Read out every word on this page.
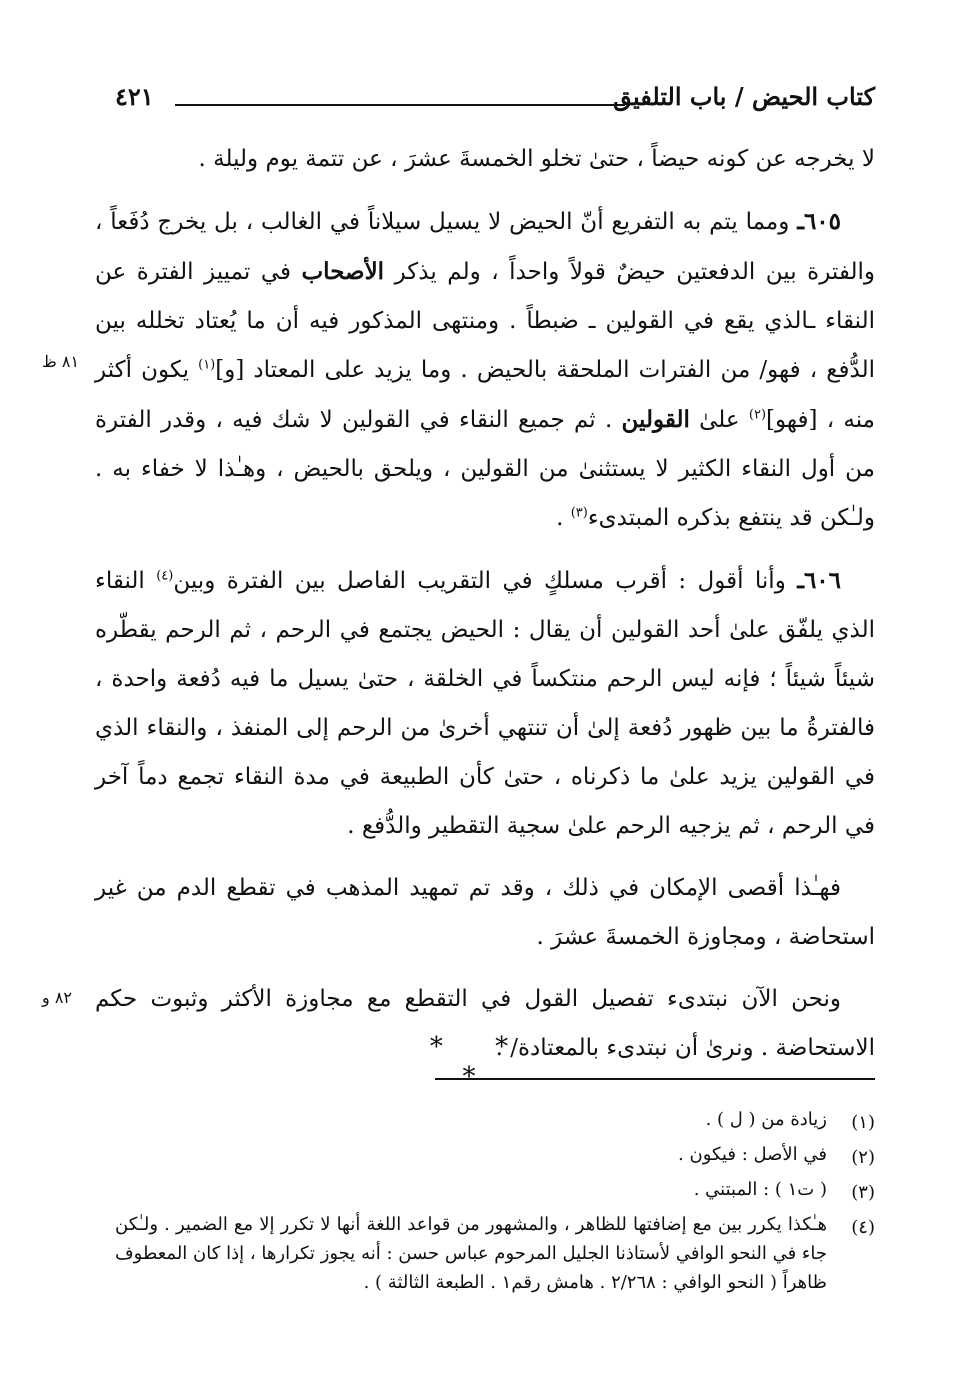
كتاب الحيض / باب التلفيق
٤٢١
٨١ ظ
٨٢ و

لا يخرجه عن كونه حيضاً ، حتىٰ تخلو الخمسةَ عشرَ ، عن تتمة يوم وليلة .

٦٠٥ـ ومما يتم به التفريع أنّ الحيض لا يسيل سيلاناً في الغالب ، بل يخرج دُفَعاً ، والفترة بين الدفعتين حيضٌ قولاً واحداً ، ولم يذكر الأصحاب في تمييز الفترة عن النقاء ـالذي يقع في القولين ـ ضبطاً . ومنتهى المذكور فيه أن ما يُعتاد تخلله بين الدُّفع ، فهو/ من الفترات الملحقة بالحيض . وما يزيد على المعتاد [و]$^{(١)}$ يكون أكثر منه ، [فهو]$^{(٢)}$ علىٰ القولين . ثم جميع النقاء في القولين لا شك فيه ، وقدر الفترة من أول النقاء الكثير لا يستثنىٰ من القولين ، ويلحق بالحيض ، وهـٰذا لا خفاء به . ولـٰكن قد ينتفع بذكره المبتدىء$^{(٣)}$ .

٦٠٦ـ وأنا أقول : أقرب مسلكٍ في التقريب الفاصل بين الفترة وبين$^{(٤)}$ النقاء الذي يلفّق علىٰ أحد القولين أن يقال : الحيض يجتمع في الرحم ، ثم الرحم يقطّره شيئاً شيئاً ؛ فإنه ليس الرحم منتكساً في الخلقة ، حتىٰ يسيل ما فيه دُفعة واحدة ، فالفترةُ ما بين ظهور دُفعة إلىٰ أن تنتهي أخرىٰ من الرحم إلى المنفذ ، والنقاء الذي في القولين يزيد علىٰ ما ذكرناه ، حتىٰ كأن الطبيعة في مدة النقاء تجمع دماً آخر في الرحم ، ثم يزجيه الرحم علىٰ سجية التقطير والدُّفع .

فهـٰذا أقصى الإمكان في ذلك ، وقد تم تمهيد المذهب في تقطع الدم من غير استحاضة ، ومجاوزة الخمسةَ عشرَ .

ونحن الآن نبتدىء تفصيل القول في التقطع مع مجاوزة الأكثر وثبوت حكم الاستحاضة . ونرىٰ أن نبتدىء بالمعتادة/ .

* * *
(١)
زيادة من ( ل ) .
(٢)
في الأصل : فيكون .
(٣)
( ت١ ) : المبتني .
(٤)
هـٰكذا يكرر بين مع إضافتها للظاهر ، والمشهور من قواعد اللغة أنها لا تكرر إلا مع الضمير . ولـٰكن جاء في النحو الوافي لأستاذنا الجليل المرحوم عباس حسن : أنه يجوز تكرارها ، إذا كان المعطوف ظاهراً ( النحو الوافي : ٢/٢٦٨ . هامش رقم١ . الطبعة الثالثة ) .
